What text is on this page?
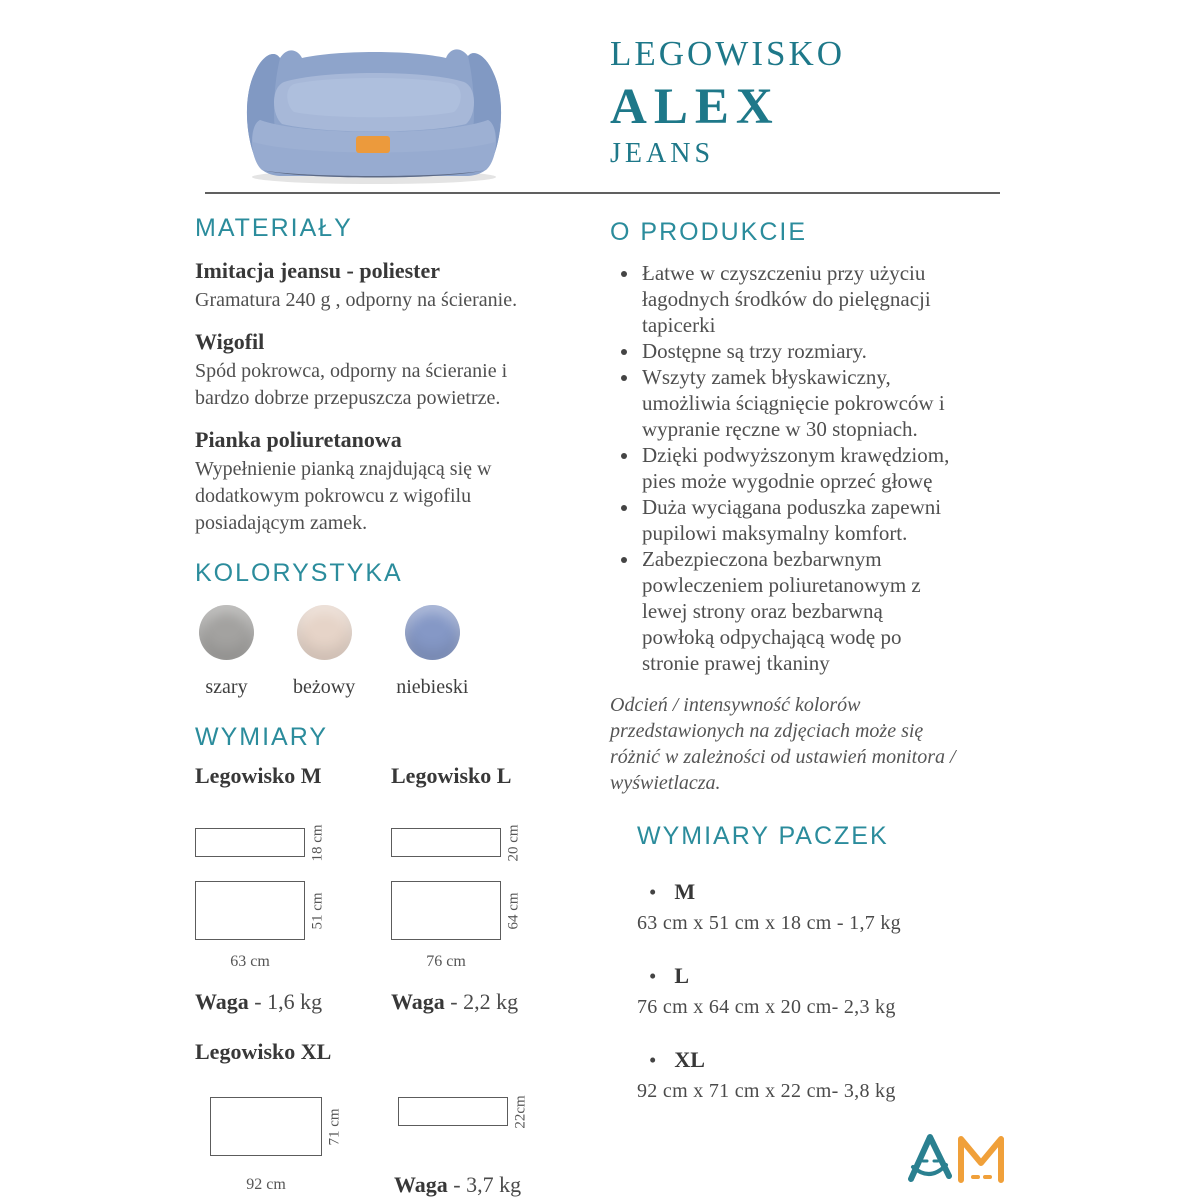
LEGOWISKO
ALEX
JEANS
MATERIAŁY
Imitacja jeansu - poliester
Gramatura 240 g , odporny na ścieranie.
Wigofil
Spód pokrowca, odporny na ścieranie i bardzo dobrze przepuszcza powietrze.
Pianka poliuretanowa
Wypełnienie pianką znajdującą się w dodatkowym pokrowcu z wigofilu posiadającym zamek.
KOLORYSTYKA
szary beżowy niebieski
WYMIARY
Legowisko M
18 cm
51 cm
63 cm
Waga - 1,6 kg
Legowisko L
20 cm
64 cm
76 cm
Waga - 2,2 kg
Legowisko XL
71 cm
92 cm
22cm
Waga - 3,7 kg
O PRODUKCIE
• Łatwe w czyszczeniu przy użyciu łagodnych środków do pielęgnacji tapicerki
• Dostępne są trzy rozmiary.
• Wszyty zamek błyskawiczny, umożliwia ściągnięcie pokrowców i wypranie ręczne w 30 stopniach.
• Dzięki podwyższonym krawędziom, pies może wygodnie oprzeć głowę
• Duża wyciągana poduszka zapewni pupilowi maksymalny komfort.
• Zabezpieczona bezbarwnym powleczeniem poliuretanowym z lewej strony oraz bezbarwną powłoką odpychającą wodę po stronie prawej tkaniny

Odcień / intensywność kolorów przedstawionych na zdjęciach może się różnić w zależności od ustawień monitora / wyświetlacza.

WYMIARY PACZEK
• M
63 cm x 51 cm x 18 cm - 1,7 kg
• L
76 cm x 64 cm x 20 cm- 2,3 kg
• XL
92 cm x 71 cm x 22 cm- 3,8 kg
